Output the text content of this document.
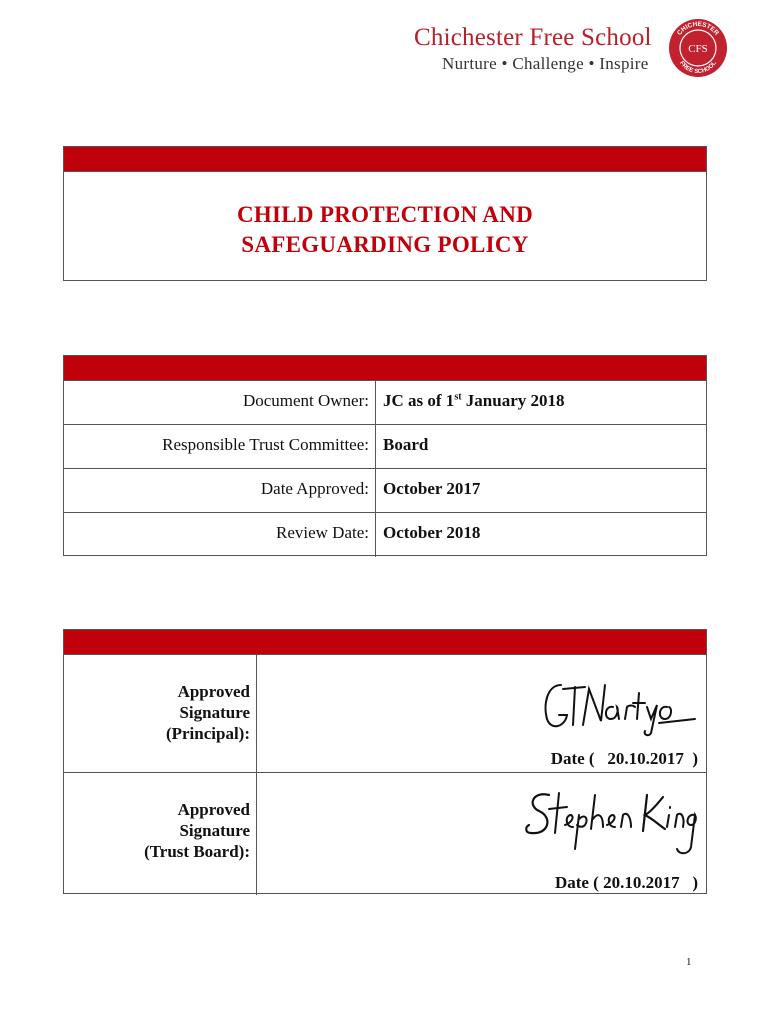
Chichester Free School
Nurture • Challenge • Inspire
CHICHESTER
FREE SCHOOL
CFS
CHILD PROTECTION AND
SAFEGUARDING POLICY
Document Owner: JC as of 1st January 2018
Responsible Trust Committee: Board
Date Approved: October 2017
Review Date: October 2018
Approved
Signature
(Principal):
Date (   20.10.2017  )
Approved
Signature
(Trust Board):
Date ( 20.10.2017   )
1
